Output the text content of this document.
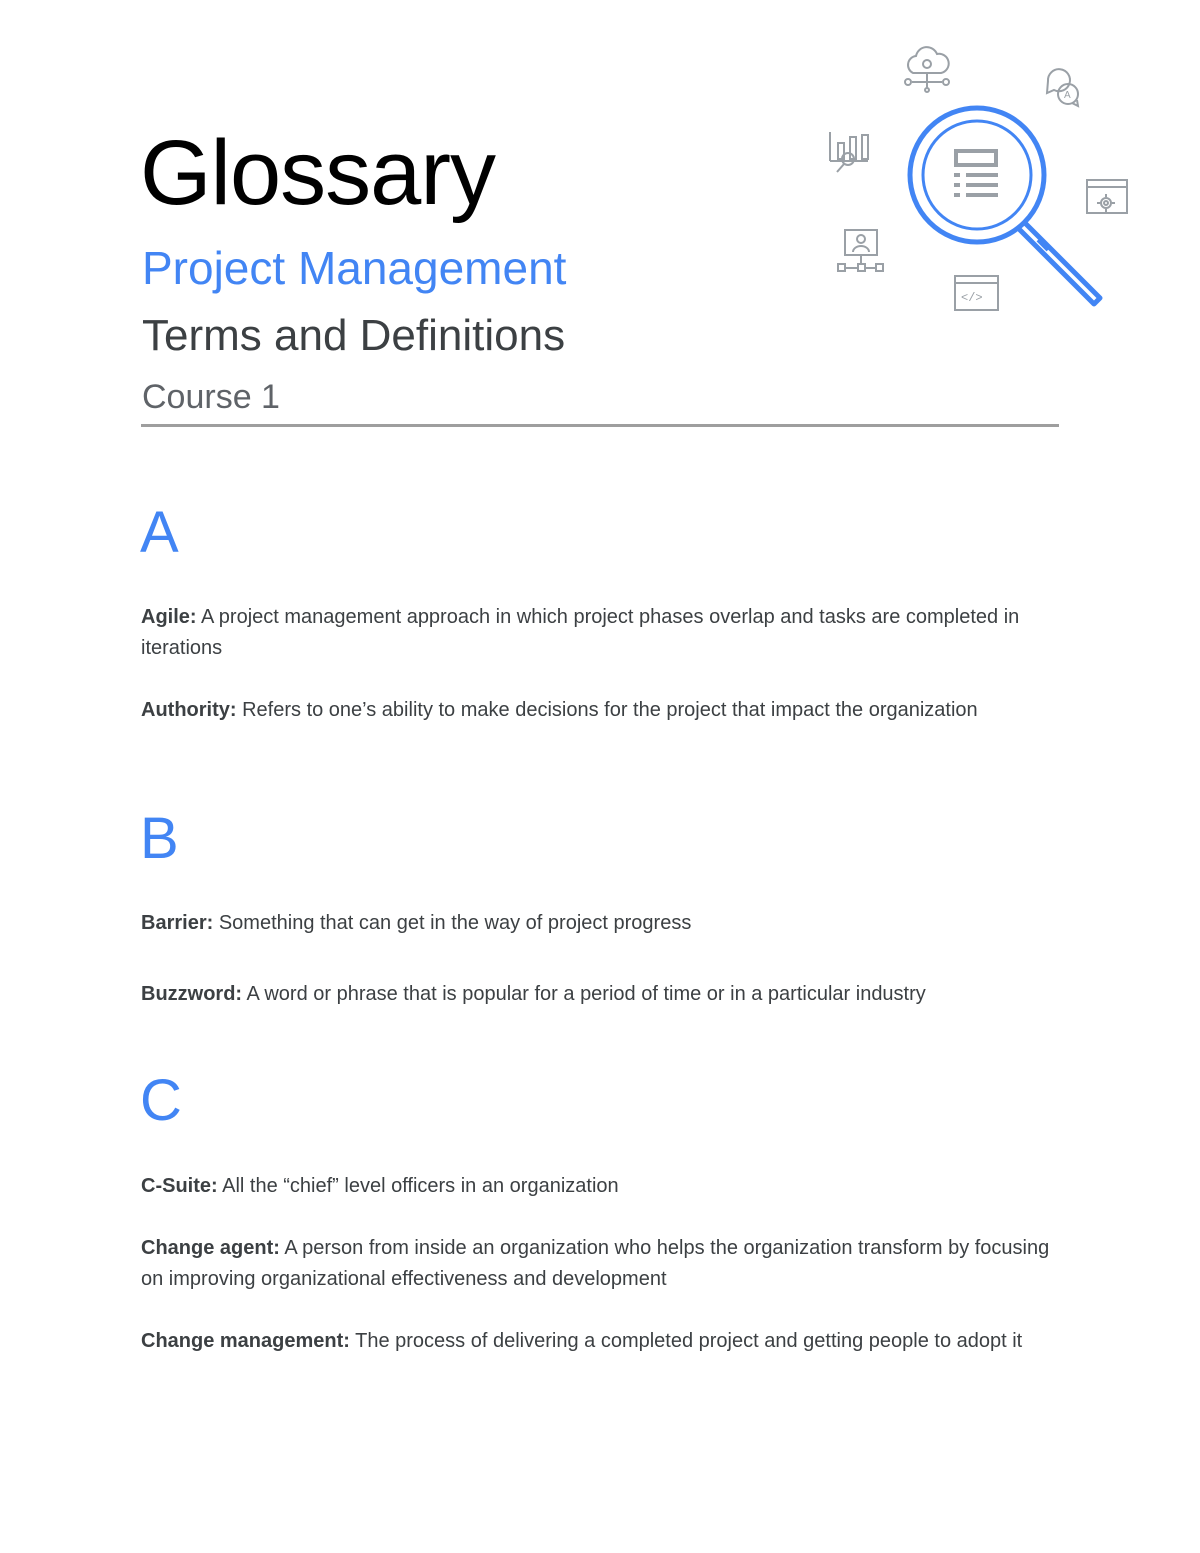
Glossary
Project Management
Terms and Definitions
Course 1
A
</>
A

Agile: A project management approach in which project phases overlap and tasks are completed in iterations

Authority: Refers to one’s ability to make decisions for the project that impact the organization

B

Barrier: Something that can get in the way of project progress

Buzzword: A word or phrase that is popular for a period of time or in a particular industry

C

C-Suite: All the “chief” level officers in an organization

Change agent: A person from inside an organization who helps the organization transform by focusing on improving organizational effectiveness and development

Change management: The process of delivering a completed project and getting people to adopt it
